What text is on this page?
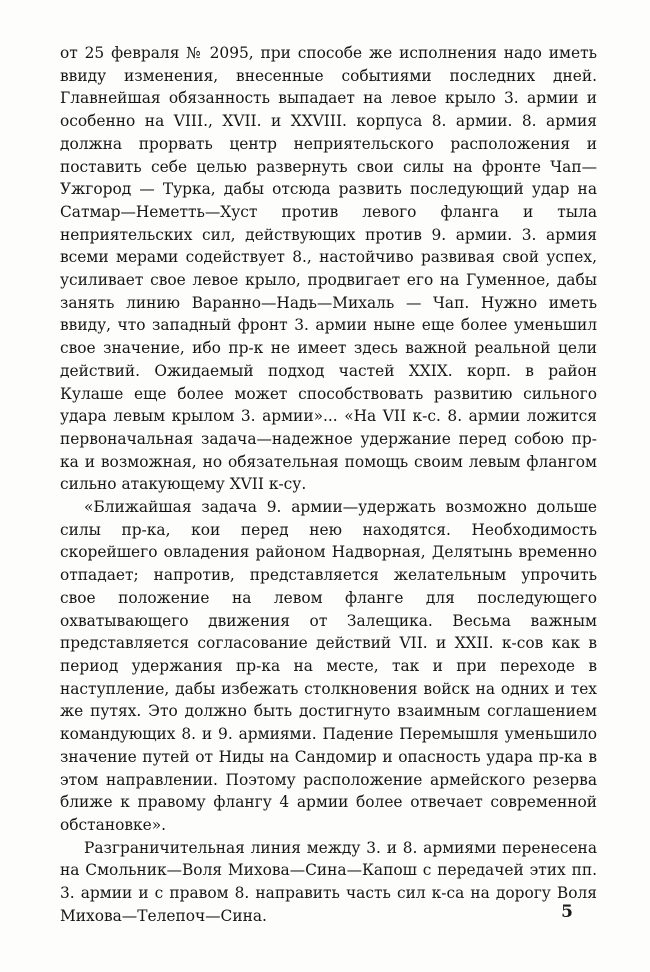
от 25 февраля № 2095, при способе же исполнения надо иметь ввиду изменения, внесенные событиями последних дней. Главнейшая обязанность выпадает на левое крыло 3. армии и особенно на VIII., XVII. и XXVIII. корпуса 8. армии. 8. армия должна прорвать центр неприятельского расположения и поставить себе целью развернуть свои силы на фронте Чап—Ужгород — Турка, дабы отсюда развить последующий удар на Сатмар—Неметть—Хуст против левого фланга и тыла неприятельских сил, действующих против 9. армии. 3. армия всеми мерами содействует 8., настойчиво развивая свой успех, усиливает свое левое крыло, продвигает его на Гуменное, дабы занять линию Варанно—Надь—Михаль — Чап. Нужно иметь ввиду, что западный фронт 3. армии ныне еще более уменьшил свое значение, ибо пр-к не имеет здесь важной реальной цели действий. Ожидаемый подход частей XXIX. корп. в район Кулаше еще более может способствовать развитию сильного удара левым крылом 3. армии»... «На VII к-с. 8. армии ложится первоначальная задача—надежное удержание перед собою пр-ка и возможная, но обязательная помощь своим левым флангом сильно атакующему XVII к-су.

«Ближайшая задача 9. армии—удержать возможно дольше силы пр-ка, кои перед нею находятся. Необходимость скорейшего овладения районом Надворная, Делятынь временно отпадает; напротив, представляется желательным упрочить свое положение на левом фланге для последующего охватывающего движения от Залещика. Весьма важным представляется согласование действий VII. и XXII. к-сов как в период удержания пр-ка на месте, так и при переходе в наступление, дабы избежать столкновения войск на одних и тех же путях. Это должно быть достигнуто взаимным соглашением командующих 8. и 9. армиями. Падение Перемышля уменьшило значение путей от Ниды на Сандомир и опасность удара пр-ка в этом направлении. Поэтому расположение армейского резерва ближе к правому флангу 4 армии более отвечает современной обстановке».

Разграничительная линия между 3. и 8. армиями перенесена на Смольник—Воля Михова—Сина—Капош с передачей этих пп. 3. армии и с правом 8. направить часть сил к-са на дорогу Воля Михова—Телепоч—Сина.	5
